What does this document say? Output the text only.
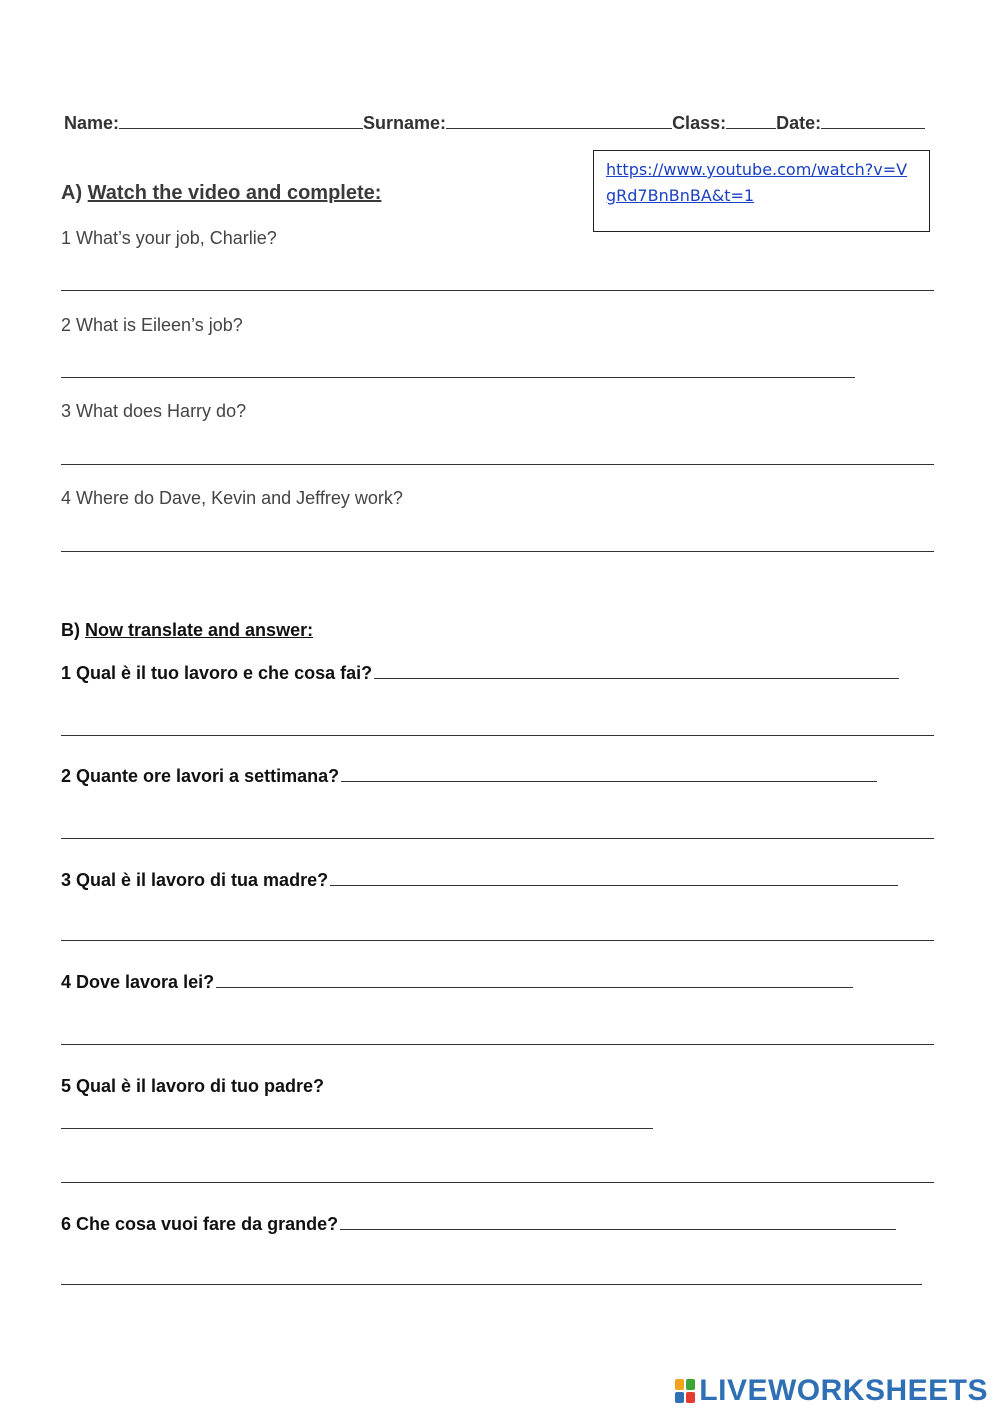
Name:	Surname:	Class:	Date:
https://www.youtube.com/watch?v=VgRd7BnBnBA&t=1
A) Watch the video and complete:
1 What’s your job, Charlie?
2 What is Eileen’s job?
3 What does Harry do?
4 Where do Dave, Kevin and Jeffrey work?
B) Now translate and answer:
1 Qual è il tuo lavoro e che cosa fai?
2 Quante ore lavori a settimana?
3 Qual è il lavoro di tua madre?
4 Dove lavora lei?
5 Qual è il lavoro di tuo padre?
6 Che cosa vuoi fare da grande?
LIVEWORKSHEETS
